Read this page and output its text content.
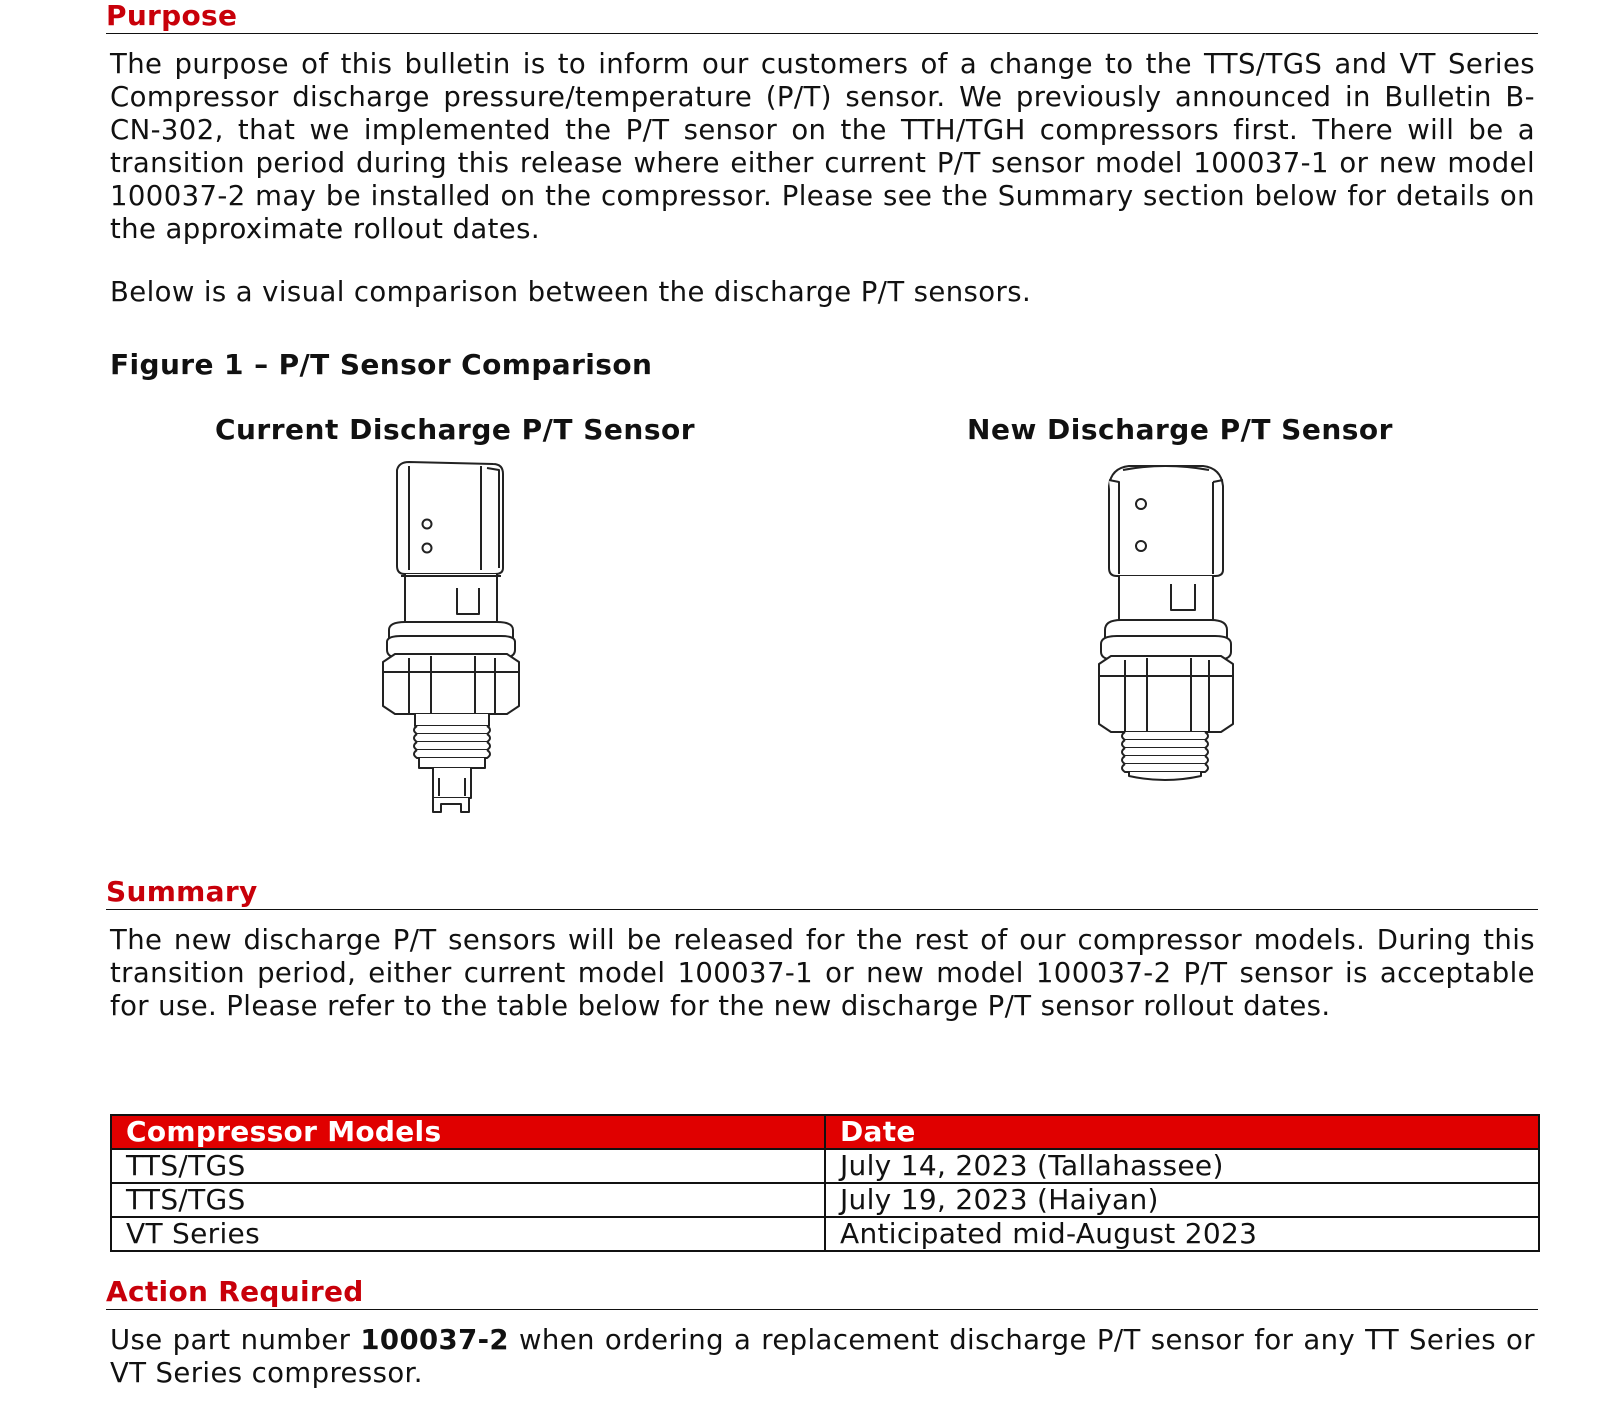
Purpose

The purpose of this bulletin is to inform our customers of a change to the TTS/TGS and VT Series Compressor discharge pressure/temperature (P/T) sensor. We previously announced in Bulletin B-CN-302, that we implemented the P/T sensor on the TTH/TGH compressors first. There will be a transition period during this release where either current P/T sensor model 100037-1 or new model 100037-2 may be installed on the compressor. Please see the Summary section below for details on the approximate rollout dates.

Below is a visual comparison between the discharge P/T sensors.

Figure 1 – P/T Sensor Comparison
Current Discharge P/T Sensor	New Discharge P/T Sensor
Summary

The new discharge P/T sensors will be released for the rest of our compressor models. During this transition period, either current model 100037-1 or new model 100037-2 P/T sensor is acceptable for use. Please refer to the table below for the new discharge P/T sensor rollout dates.

Compressor Models	Date
TTS/TGS	July 14, 2023 (Tallahassee)
TTS/TGS	July 19, 2023 (Haiyan)
VT Series	Anticipated mid-August 2023
Action Required

Use part number 100037-2 when ordering a replacement discharge P/T sensor for any TT Series or VT Series compressor.
